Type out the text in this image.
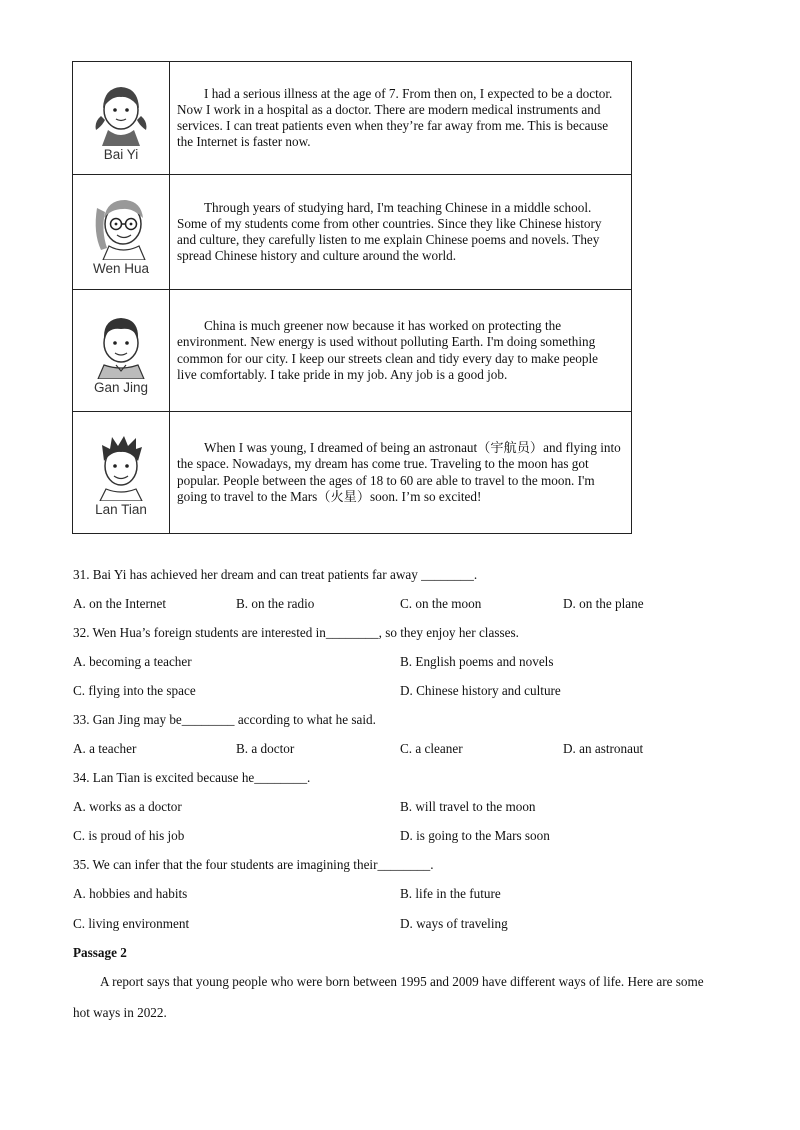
Bai Yi	I had a serious illness at the age of 7. From then on, I expected to be a doctor. Now I work in a hospital as a doctor. There are modern medical instruments and services. I can treat patients even when they’re far away from me. This is because the Internet is faster now.

Wen Hua	Through years of studying hard, I'm teaching Chinese in a middle school. Some of my students come from other countries. Since they like Chinese history and culture, they carefully listen to me explain Chinese poems and novels. They spread Chinese history and culture around the world.

Gan Jing	China is much greener now because it has worked on protecting the environment. New energy is used without polluting Earth. I'm doing something common for our city. I keep our streets clean and tidy every day to make people live comfortably. I take pride in my job. Any job is a good job.

Lan Tian	When I was young, I dreamed of being an astronaut（宇航员）and flying into the space. Nowadays, my dream has come true. Traveling to the moon has got popular. People between the ages of 18 to 60 are able to travel to the moon. I'm going to travel to the Mars（火星）soon. I’m so excited!

31. Bai Yi has achieved her dream and can treat patients far away ________.
A. on the Internet	B. on the radio	C. on the moon	D. on the plane
32. Wen Hua’s foreign students are interested in________, so they enjoy her classes.
A. becoming a teacher	B. English poems and novels
C. flying into the space	D. Chinese history and culture
33. Gan Jing may be________ according to what he said.
A. a teacher	B. a doctor	C. a cleaner	D. an astronaut
34. Lan Tian is excited because he________.
A. works as a doctor	B. will travel to the moon
C. is proud of his job	D. is going to the Mars soon
35. We can infer that the four students are imagining their________.
A. hobbies and habits	B. life in the future
C. living environment	D. ways of traveling
Passage 2

A report says that young people who were born between 1995 and 2009 have different ways of life. Here are some hot ways in 2022.
